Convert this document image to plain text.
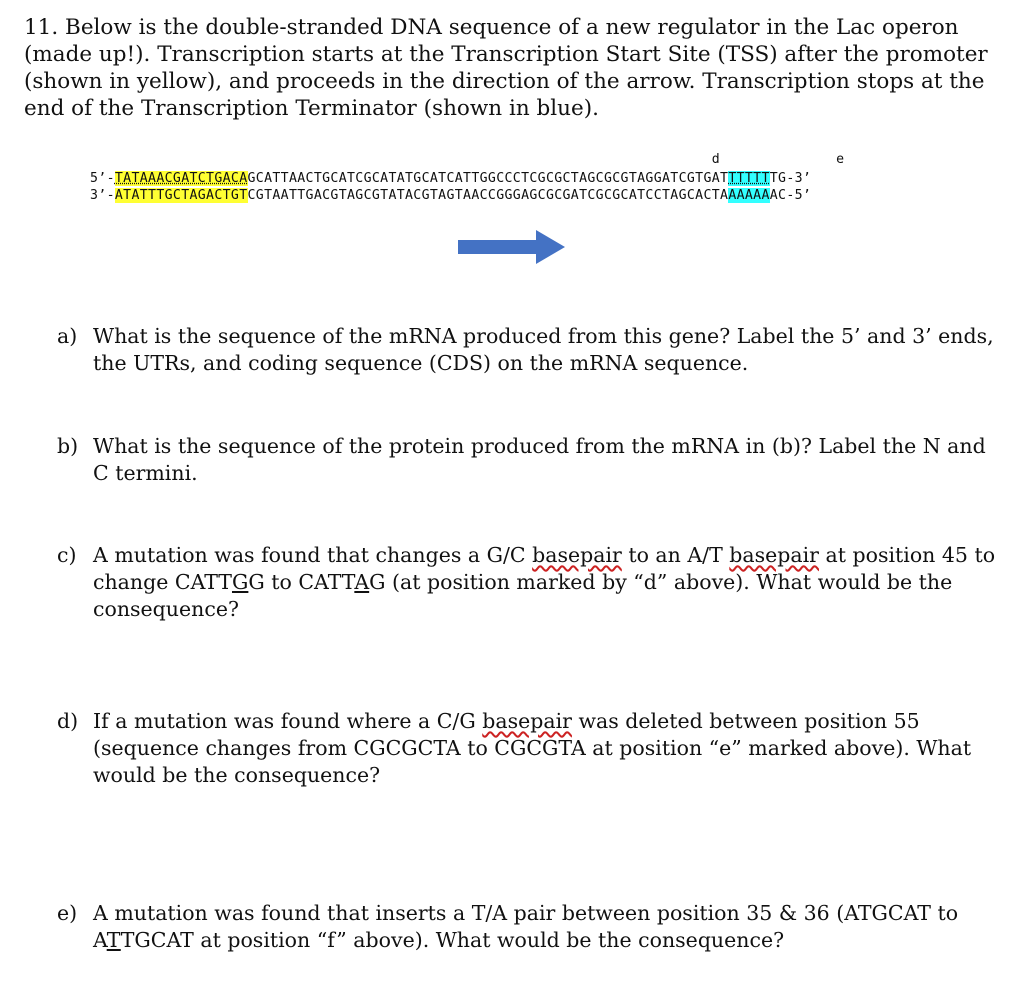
11. Below is the double-stranded DNA sequence of a new regulator in the Lac operon (made up!). Transcription starts at the Transcription Start Site (TSS) after the promoter (shown in yellow), and proceeds in the direction of the arrow. Transcription stops at the end of the Transcription Terminator (shown in blue).

d	e
5’-TATAAACGATCTGACAGCATTAACTGCATCGCATATGCATCATTGGCCCTCGCGCTAGCGCGTAGGATCGTGATTTTTTTG-3’
3’-ATATTTGCTAGACTGTCGTAATTGACGTAGCGTATACGTAGTAACCGGGAGCGCGATCGCGCATCCTAGCACTAAAAAAAC-5’
a) What is the sequence of the mRNA produced from this gene? Label the 5’ and 3’ ends, the UTRs, and coding sequence (CDS) on the mRNA sequence.
b) What is the sequence of the protein produced from the mRNA in (b)? Label the N and C termini.
c) A mutation was found that changes a G/C basepair to an A/T basepair at position 45 to change CATTGG to CATTAG (at position marked by “d” above). What would be the consequence?
d) If a mutation was found where a C/G basepair was deleted between position 55 (sequence changes from CGCGCTA to CGCGTA at position “e” marked above). What would be the consequence?
e) A mutation was found that inserts a T/A pair between position 35 & 36 (ATGCAT to ATTGCAT at position “f” above). What would be the consequence?
